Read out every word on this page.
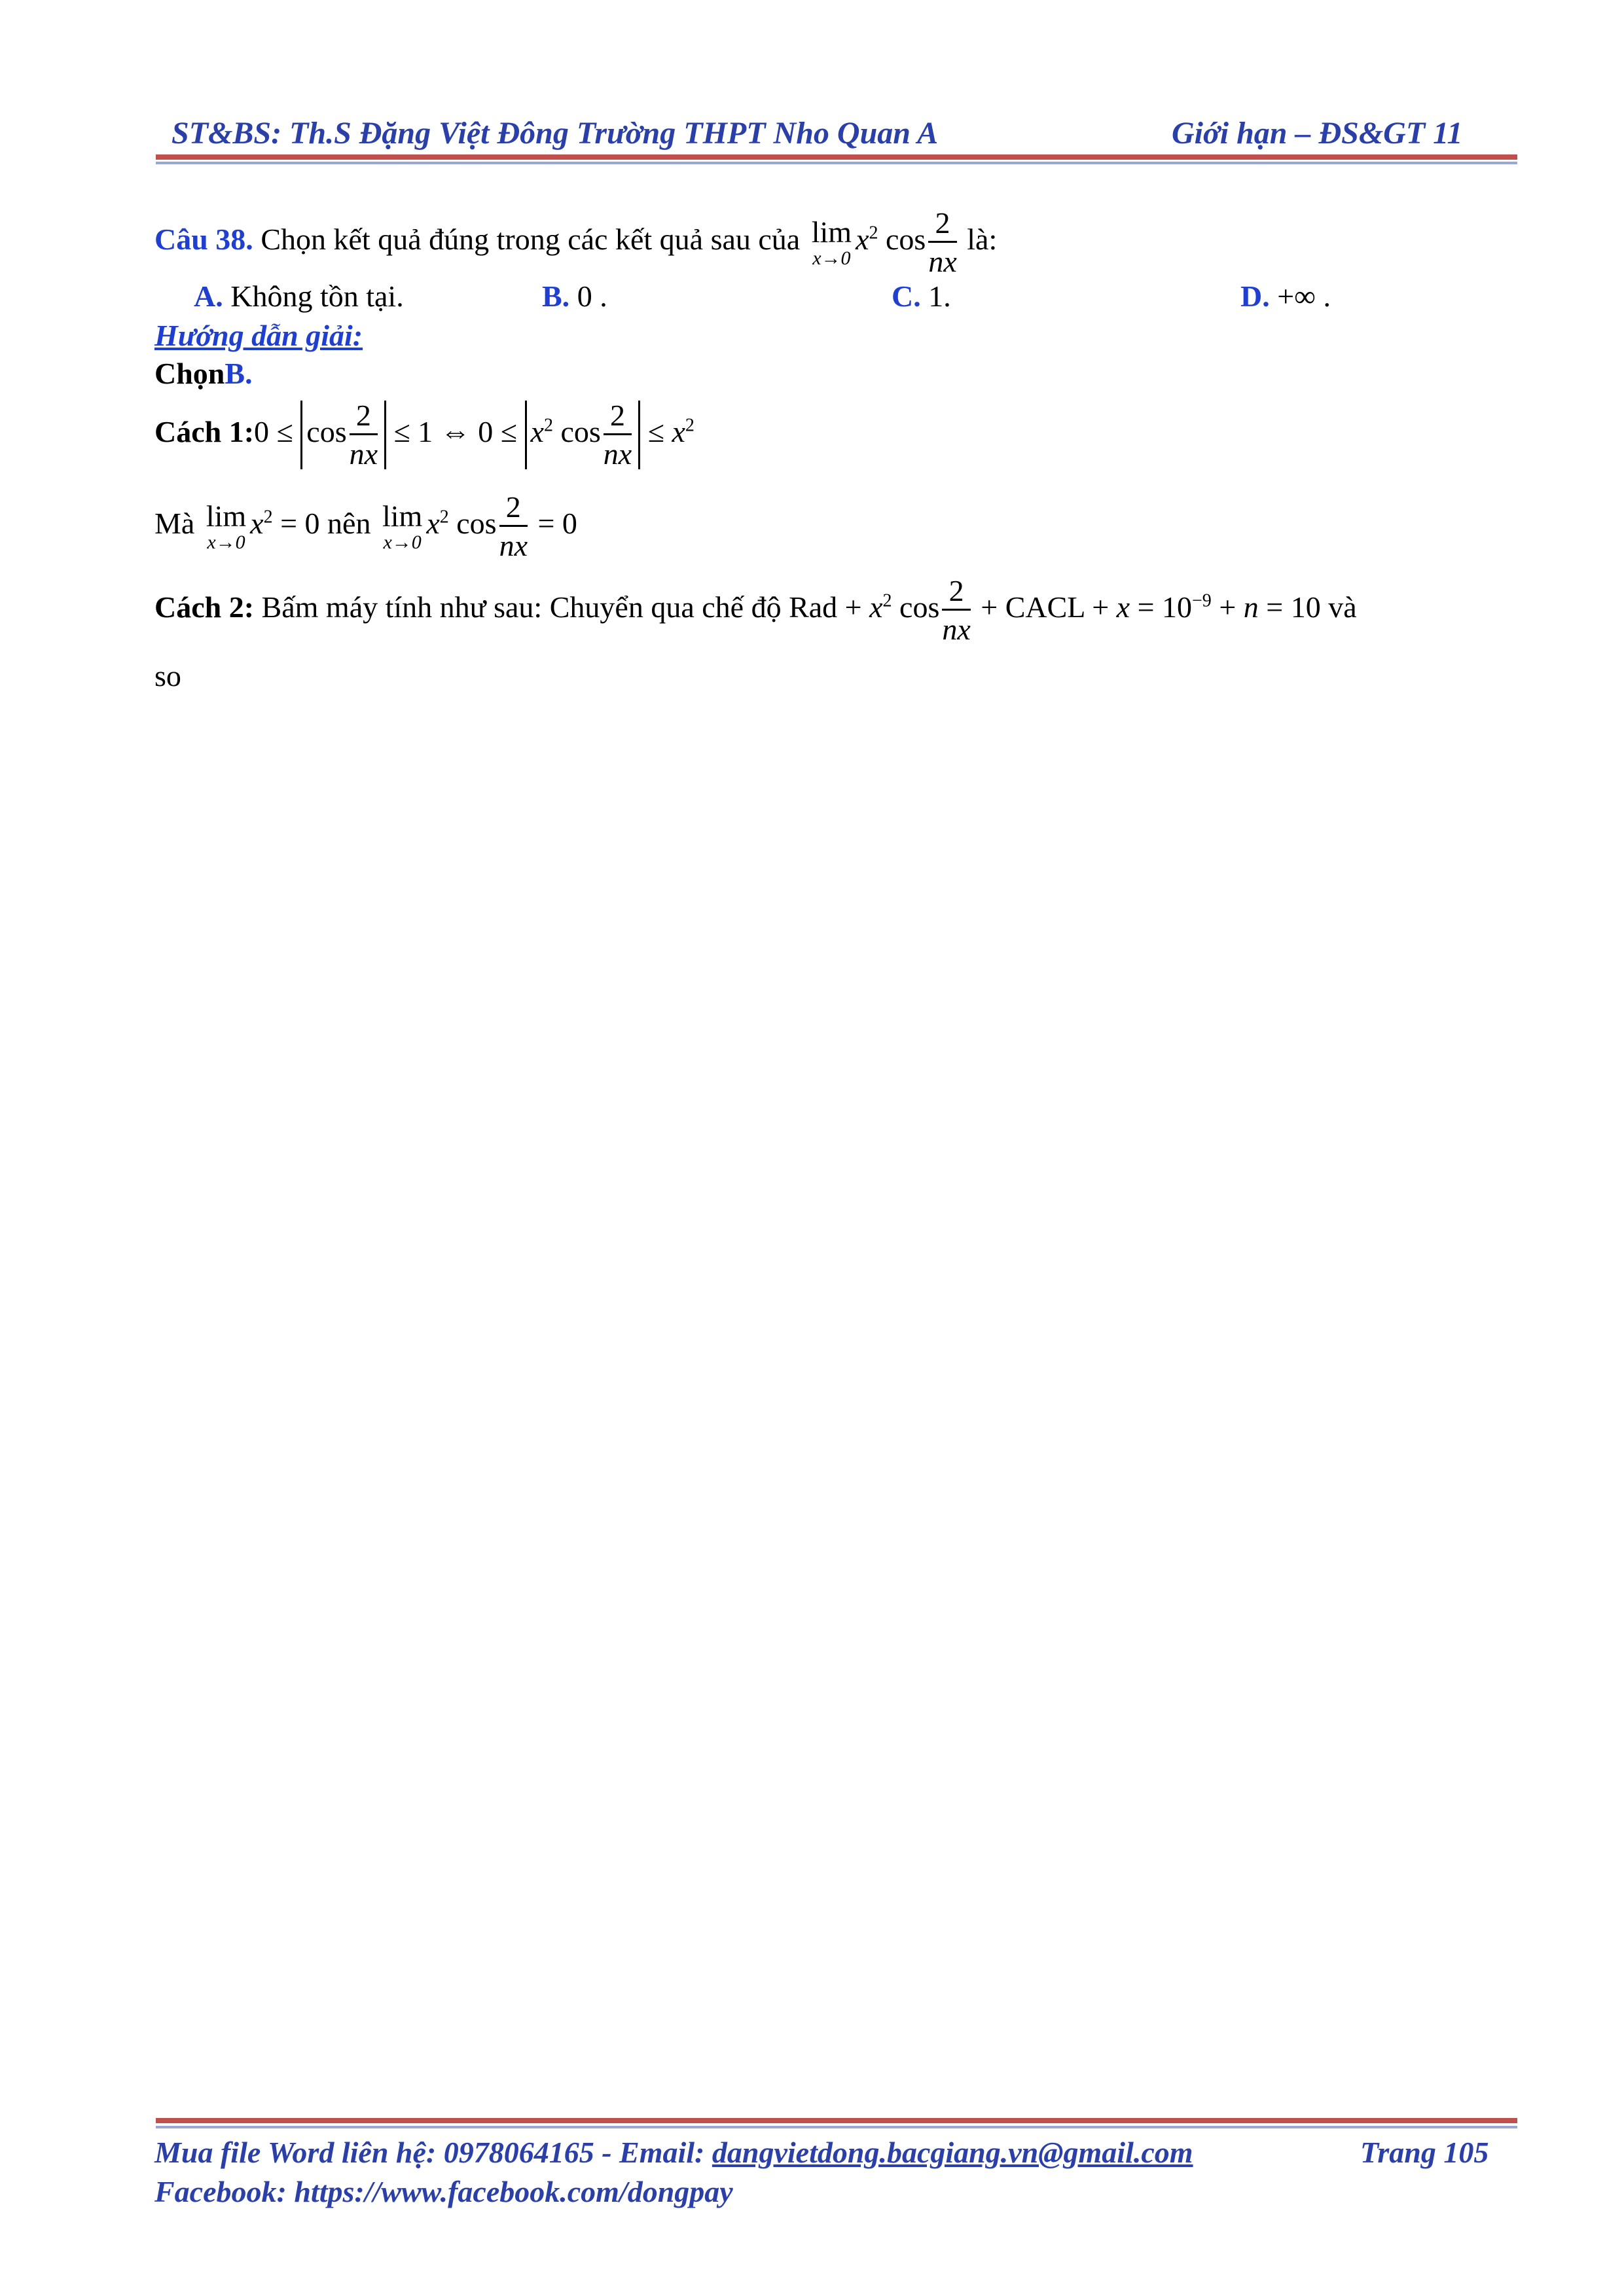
ST&BS: Th.S Đặng Việt Đông Trường THPT Nho Quan A	Giới hạn – ĐS&GT 11
Câu 38. Chọn kết quả đúng trong các kết quả sau của lim
x→0
$x^2$ $\cos \frac{2}{nx}$ là:
A. Không tồn tại.	B. 0 .	C. 1.	D. +∞ .
Hướng dẫn giải:
ChọnB.
Cách 1:0 ≤ $\cos \frac{2}{nx} \le 1$ ⇔ $0 \le x^2$ $\cos \frac{2}{nx} \le x^2$
Mà lim
x→0
$x^2 = 0$ nên lim
x→0
$x^2$ $\cos \frac{2}{nx} = 0$
Cách 2: Bấm máy tính như sau: Chuyển qua chế độ Rad + $x^2$ $\cos \frac{2}{nx}$ + CACL + $x = 10^{-9} + n = 10$ và
so
Mua file Word liên hệ: 0978064165 - Email: dangvietdong.bacgiang.vn@gmail.com	Trang 105
Facebook: https://www.facebook.com/dongpay
